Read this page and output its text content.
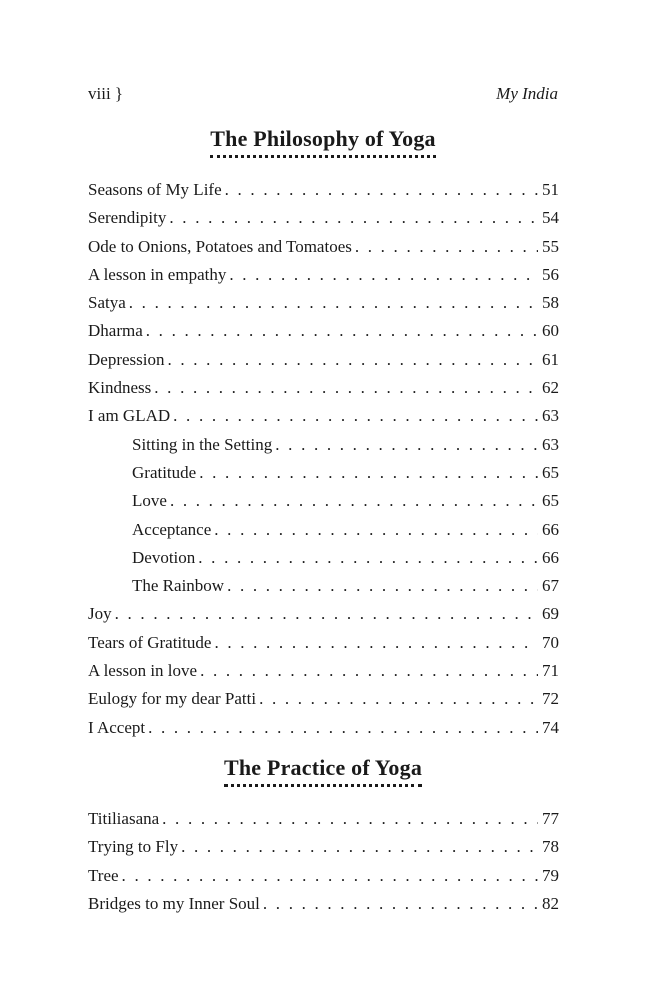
viii }	My India
The Philosophy of Yoga
Seasons of My Life . . .	51
Serendipity . . .	54
Ode to Onions, Potatoes and Tomatoes . . .	55
A lesson in empathy . . .	56
Satya . . .	58
Dharma . . .	60
Depression . . .	61
Kindness . . .	62
I am GLAD . . .	63
Sitting in the Setting . . .	63
Gratitude . . .	65
Love . . .	65
Acceptance . . .	66
Devotion . . .	66
The Rainbow . . .	67
Joy . . .	69
Tears of Gratitude . . .	70
A lesson in love . . .	71
Eulogy for my dear Patti . . .	72
I Accept . . .	74
The Practice of Yoga
Titiliasana . . .	77
Trying to Fly . . .	78
Tree . . .	79
Bridges to my Inner Soul . . .	82
